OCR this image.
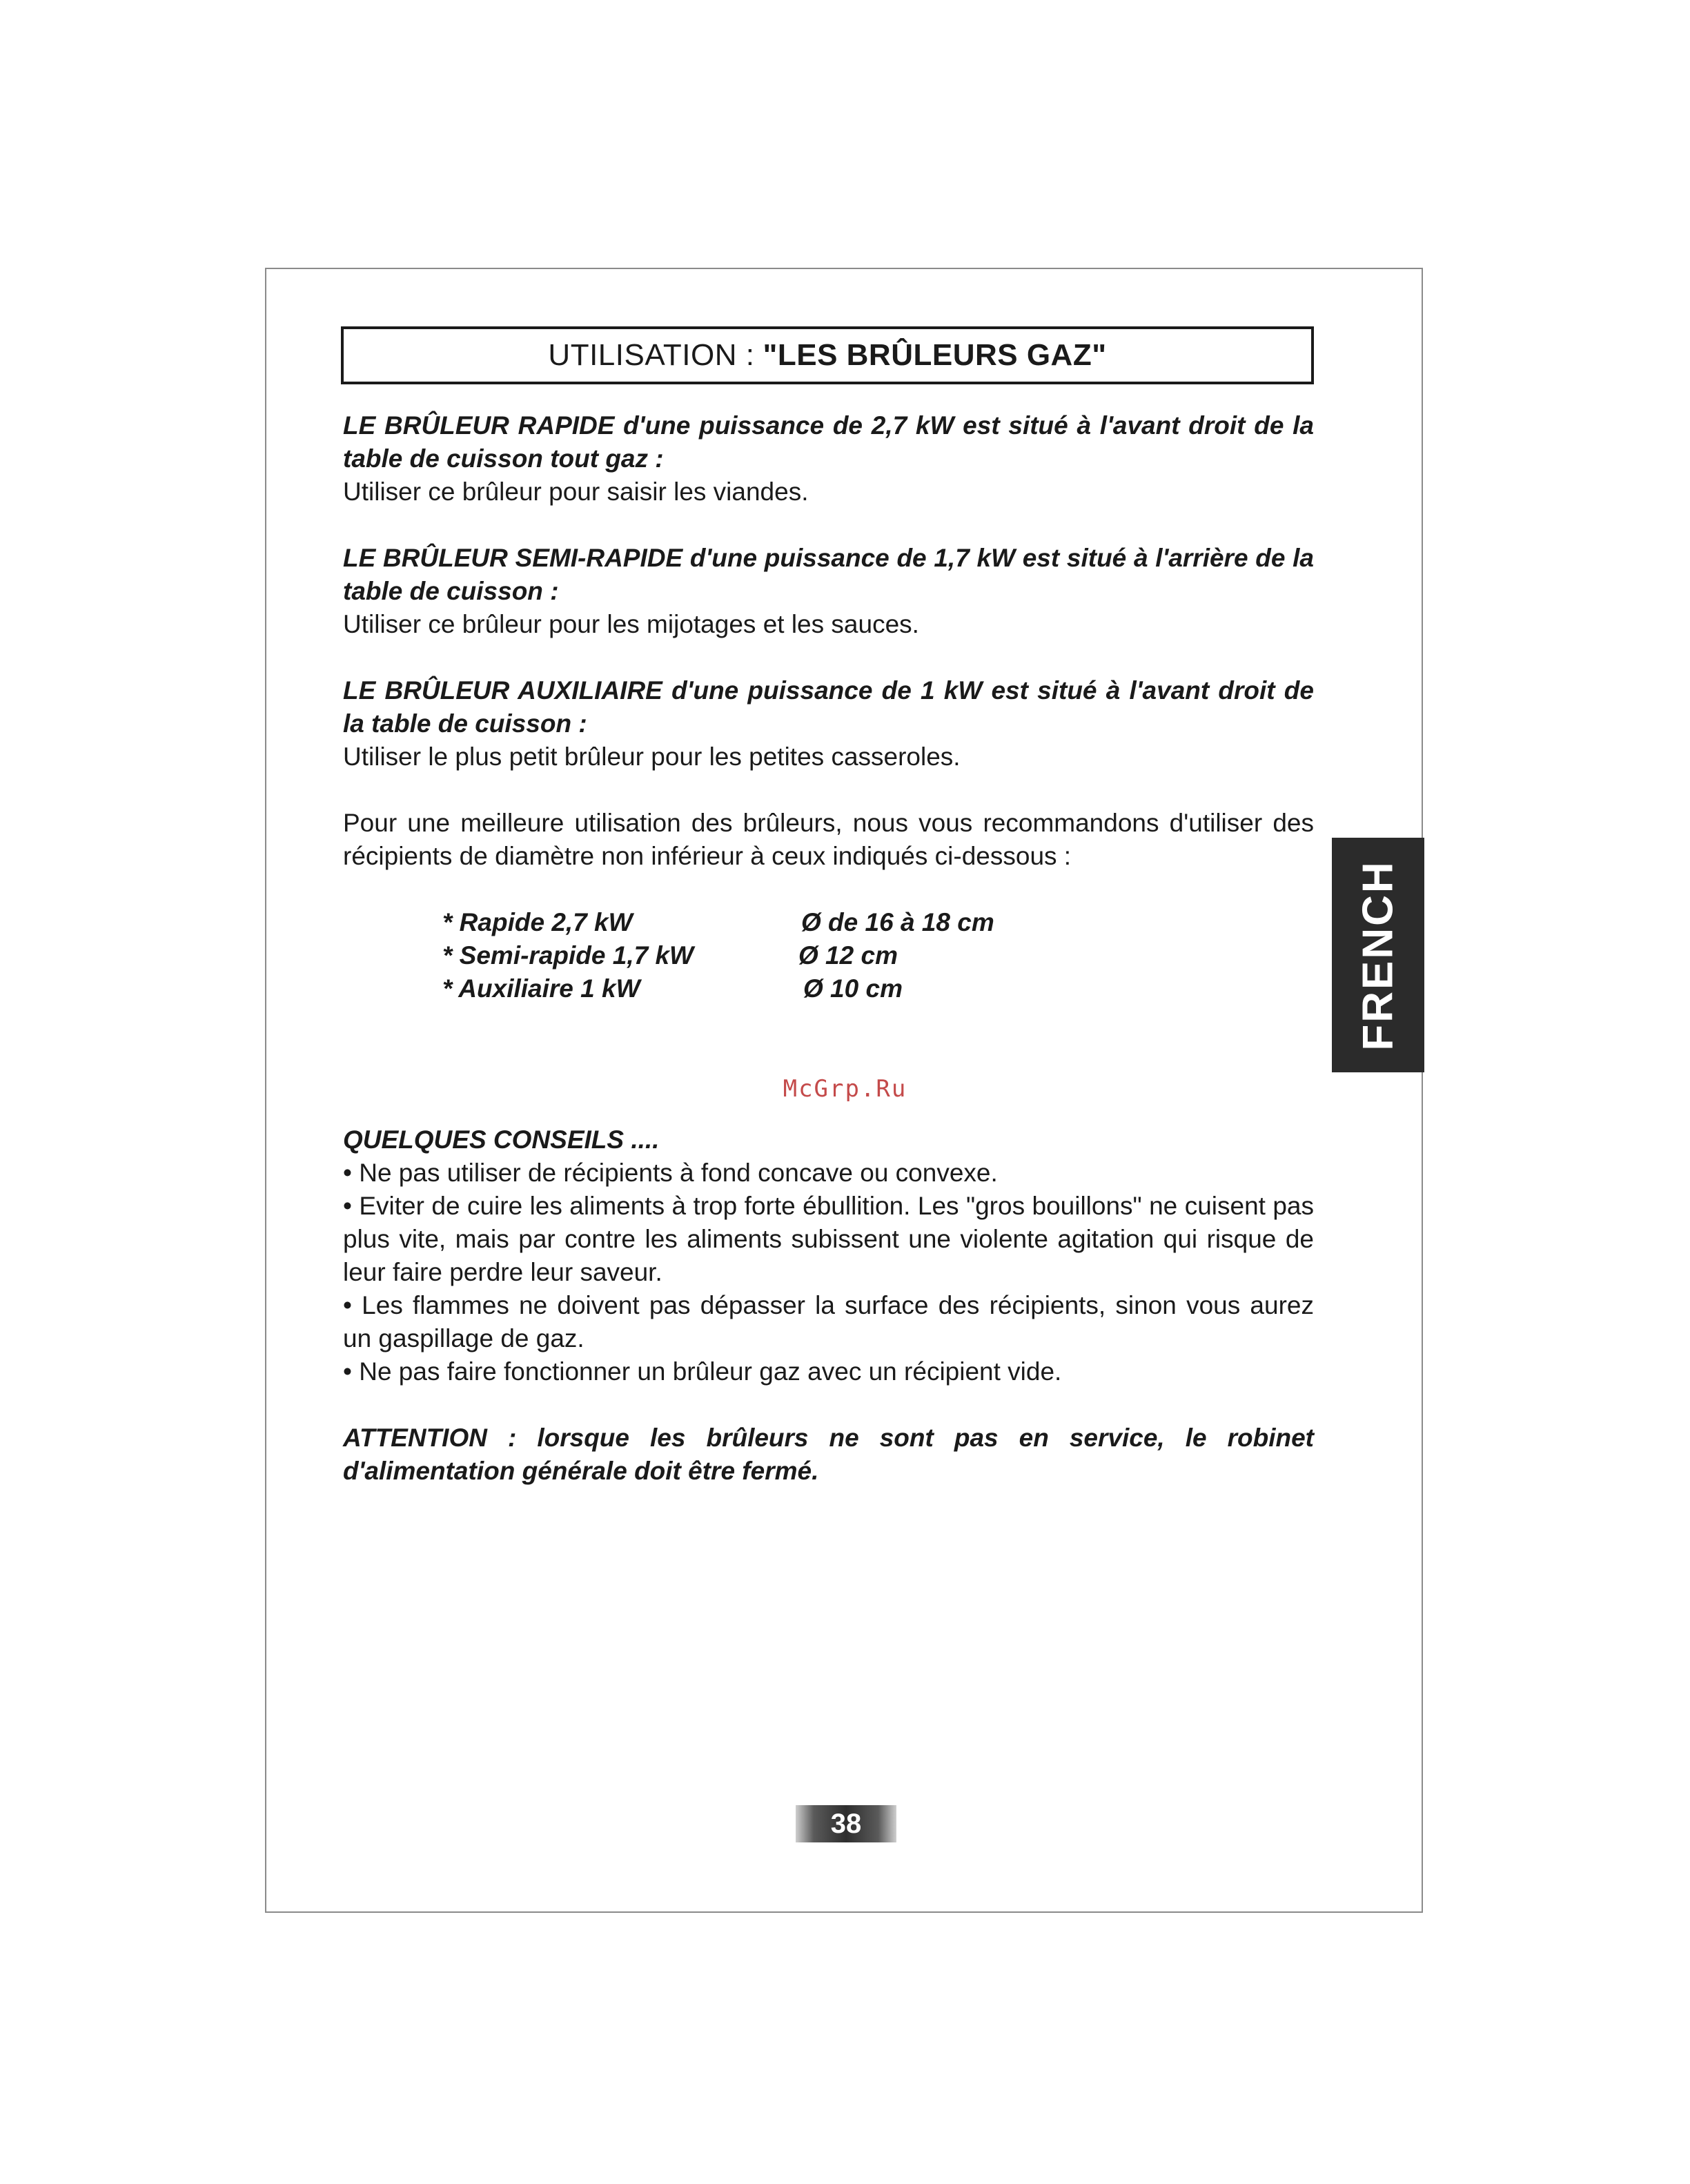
UTILISATION : "LES BRÛLEURS GAZ"

LE BRÛLEUR RAPIDE d'une puissance de 2,7 kW est situé à l'avant droit de la table de cuisson tout gaz :

Utiliser ce brûleur pour saisir les viandes.

LE BRÛLEUR SEMI-RAPIDE d'une puissance de 1,7 kW est situé à l'arrière de la table de cuisson :

Utiliser ce brûleur pour les mijotages et les sauces.

LE BRÛLEUR AUXILIAIRE d'une puissance de 1 kW est situé à l'avant droit de la table de cuisson :

Utiliser le plus petit brûleur pour les petites casseroles.

Pour une meilleure utilisation des brûleurs, nous vous recommandons d'utiliser des récipients de diamètre non inférieur à ceux indiqués ci-dessous :

* Rapide 2,7 kW	Ø de 16 à 18 cm
* Semi-rapide 1,7 kW	Ø 12 cm
* Auxiliaire 1 kW	Ø 10 cm
McGrp.Ru

QUELQUES CONSEILS ....

• Ne pas utiliser de récipients à fond concave ou convexe.

• Eviter de cuire les aliments à trop forte ébullition. Les "gros bouillons" ne cuisent pas plus vite, mais par contre les aliments subissent une violente agitation qui risque de leur faire perdre leur saveur.

• Les flammes ne doivent pas dépasser la surface des récipients, sinon vous aurez un gaspillage de gaz.

• Ne pas faire fonctionner un brûleur gaz avec un récipient vide.

ATTENTION : lorsque les brûleurs ne sont pas en service, le robinet d'alimentation générale doit être fermé.

FRENCH
38
